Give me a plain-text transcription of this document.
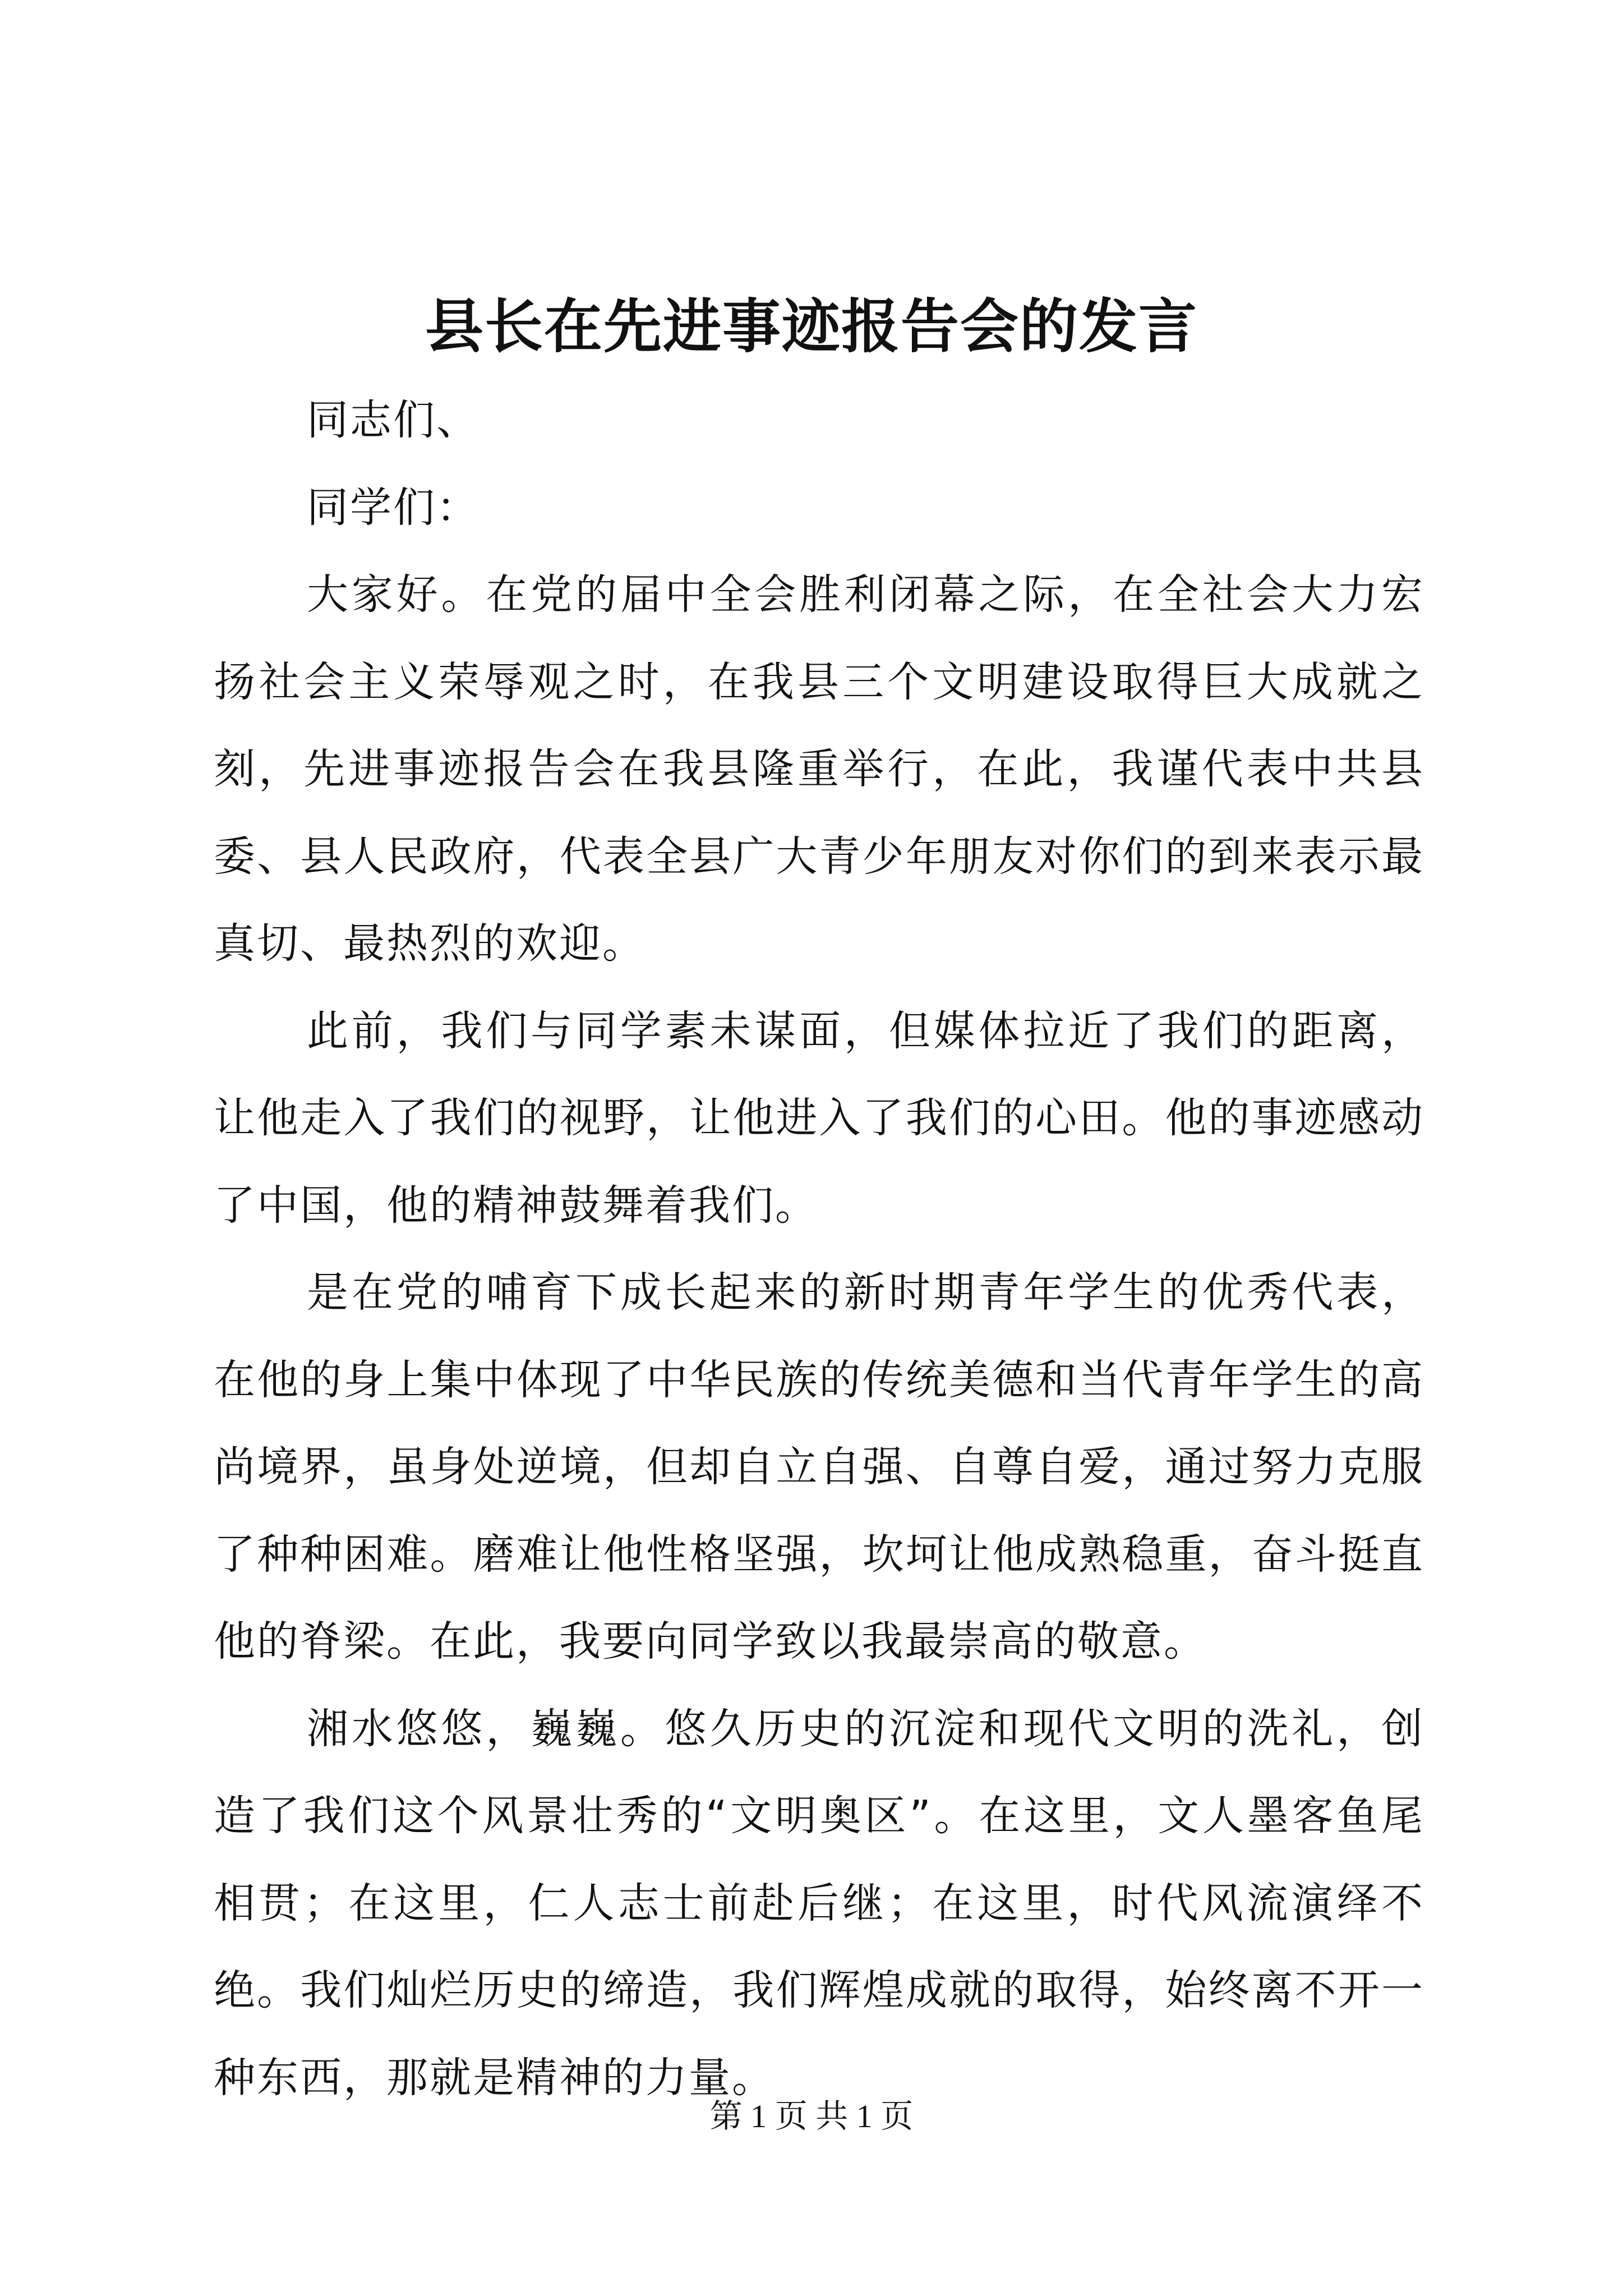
县长在先进事迹报告会的发言

同志们、

同学们：

大家好。在党的届中全会胜利闭幕之际，在全社会大力宏扬社会主义荣辱观之时，在我县三个文明建设取得巨大成就之刻，先进事迹报告会在我县隆重举行，在此，我谨代表中共县委、县人民政府，代表全县广大青少年朋友对你们的到来表示最真切、最热烈的欢迎。

此前，我们与同学素未谋面，但媒体拉近了我们的距离，让他走入了我们的视野，让他进入了我们的心田。他的事迹感动了中国，他的精神鼓舞着我们。

是在党的哺育下成长起来的新时期青年学生的优秀代表，在他的身上集中体现了中华民族的传统美德和当代青年学生的高尚境界，虽身处逆境，但却自立自强、自尊自爱，通过努力克服了种种困难。磨难让他性格坚强，坎坷让他成熟稳重，奋斗挺直他的脊梁。在此，我要向同学致以我最崇高的敬意。

湘水悠悠，巍巍。悠久历史的沉淀和现代文明的洗礼，创造了我们这个风景壮秀的“文明奥区”。在这里，文人墨客鱼尾相贯；在这里，仁人志士前赴后继；在这里，时代风流演绎不绝。我们灿烂历史的缔造，我们辉煌成就的取得，始终离不开一种东西，那就是精神的力量。

第 1 页 共 1 页
